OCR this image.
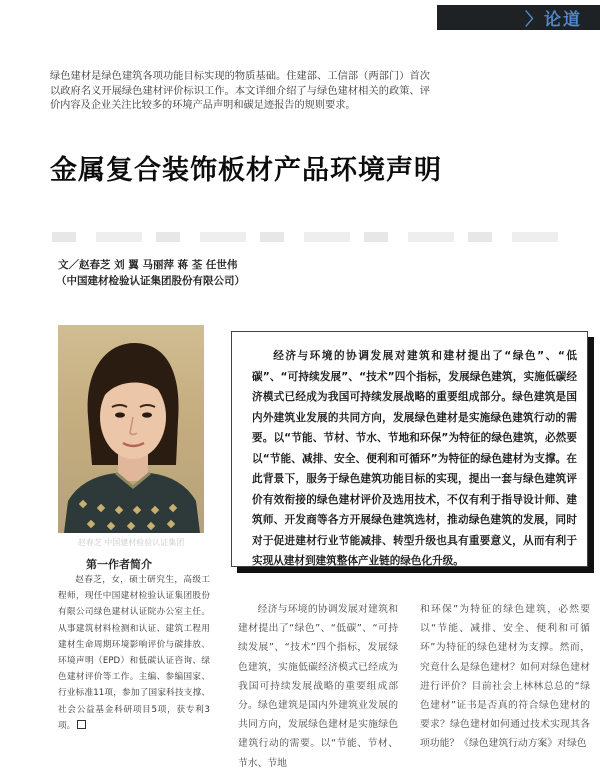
〉论道
绿色建材是绿色建筑各项功能目标实现的物质基础。住建部、工信部（两部门）首次以政府名义开展绿色建材评价标识工作。本文详细介绍了与绿色建材相关的政策、评价内容及企业关注比较多的环境产品声明和碳足迹报告的规则要求。
金属复合装饰板材产品环境声明
文／赵春芝 刘 翼 马丽萍 蒋 荃 任世伟
（中国建材检验认证集团股份有限公司）
赵春芝 中国建材检验认证集团
第一作者简介
赵春芝，女，硕士研究生，高级工程师，现任中国建材检验认证集团股份有限公司绿色建材认证院办公室主任。从事建筑材料检测和认证、建筑工程用建材生命周期环境影响评价与碳排放、环境声明（EPD）和低碳认证咨询、绿色建材评价等工作。主编、参编国家、行业标准11项，参加了国家科技支撑、社会公益基金科研项目5项，获专利3项。
经济与环境的协调发展对建筑和建材提出了“绿色”、“低碳”、“可持续发展”、“技术”四个指标，发展绿色建筑，实施低碳经济模式已经成为我国可持续发展战略的重要组成部分。绿色建筑是国内外建筑业发展的共同方向，发展绿色建材是实施绿色建筑行动的需要。以“节能、节材、节水、节地和环保”为特征的绿色建筑，必然要以“节能、减排、安全、便利和可循环”为特征的绿色建材为支撑。在此背景下，服务于绿色建筑功能目标的实现，提出一套与绿色建筑评价有效衔接的绿色建材评价及选用技术，不仅有利于指导设计师、建筑师、开发商等各方开展绿色建筑选材，推动绿色建筑的发展，同时对于促进建材行业节能减排、转型升级也具有重要意义，从而有利于实现从建材到建筑整体产业链的绿色化升级。
经济与环境的协调发展对建筑和建材提出了“绿色”、“低碳”、“可持续发展”、“技术”四个指标，发展绿色建筑，实施低碳经济模式已经成为我国可持续发展战略的重要组成部分。绿色建筑是国内外建筑业发展的共同方向，发展绿色建材是实施绿色建筑行动的需要。以“节能、节材、节水、节地
和环保”为特征的绿色建筑，必然要以“节能、减排、安全、便利和可循环”为特征的绿色建材为支撑。然而，究竟什么是绿色建材？如何对绿色建材进行评价？目前社会上林林总总的“绿色建材”证书是否真的符合绿色建材的要求？绿色建材如何通过技术实现其各项功能？《绿色建筑行动方案》对绿色
